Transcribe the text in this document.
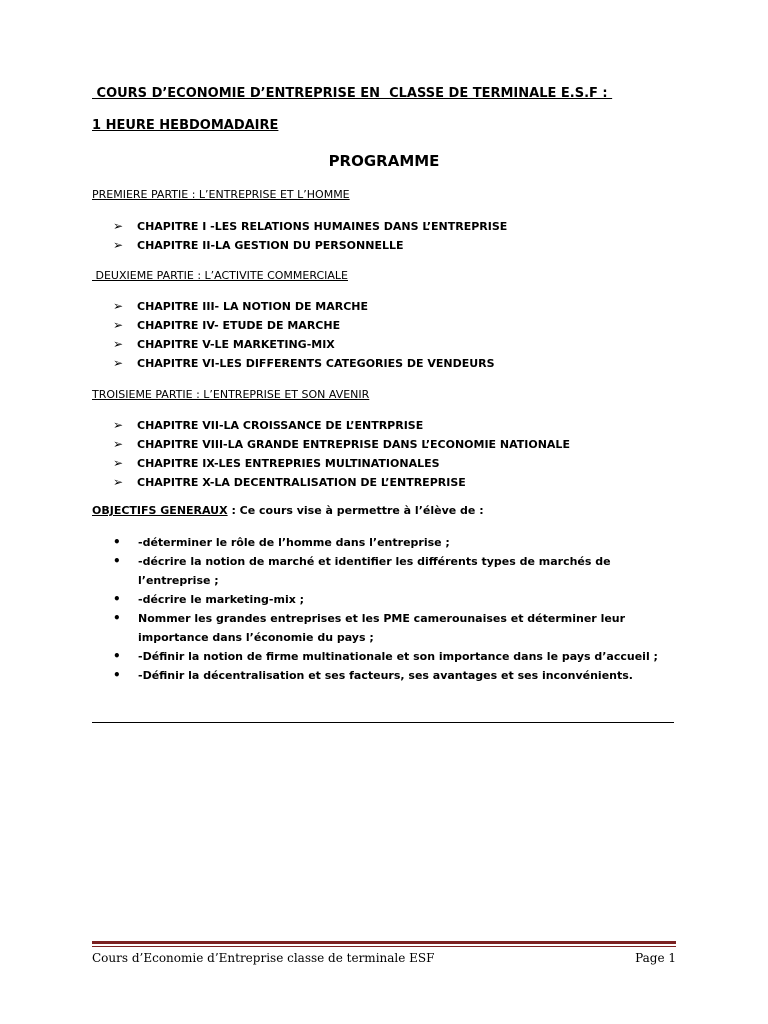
COURS D’ECONOMIE D’ENTREPRISE EN  CLASSE DE TERMINALE E.S.F :
1 HEURE HEBDOMADAIRE
PROGRAMME
PREMIERE PARTIE : L’ENTREPRISE ET L’HOMME
➢	CHAPITRE I -LES RELATIONS HUMAINES DANS L’ENTREPRISE
➢	CHAPITRE II-LA GESTION DU PERSONNELLE
DEUXIEME PARTIE : L’ACTIVITE COMMERCIALE
➢	CHAPITRE III- LA NOTION DE MARCHE
➢	CHAPITRE IV- ETUDE DE MARCHE
➢	CHAPITRE V-LE MARKETING-MIX
➢	CHAPITRE VI-LES DIFFERENTS CATEGORIES DE VENDEURS
TROISIEME PARTIE : L’ENTREPRISE ET SON AVENIR
➢	CHAPITRE VII-LA CROISSANCE DE L’ENTRPRISE
➢	CHAPITRE VIII-LA GRANDE ENTREPRISE DANS L’ECONOMIE NATIONALE
➢	CHAPITRE IX-LES ENTREPRIES MULTINATIONALES
➢	CHAPITRE X-LA DECENTRALISATION DE L’ENTREPRISE
OBJECTIFS GENERAUX : Ce cours vise à permettre à l’élève de :
•	-déterminer le rôle de l’homme dans l’entreprise ;
•	-décrire la notion de marché et identifier les différents types de marchés de l’entreprise ;
•	-décrire le marketing-mix ;
•	Nommer les grandes entreprises et les PME camerounaises et déterminer leur importance dans l’économie du pays ;
•	-Définir la notion de firme multinationale et son importance dans le pays d’accueil ;
•	-Définir la décentralisation et ses facteurs, ses avantages et ses inconvénients.
Cours d’Economie d’Entreprise classe de terminale ESF	Page 1
